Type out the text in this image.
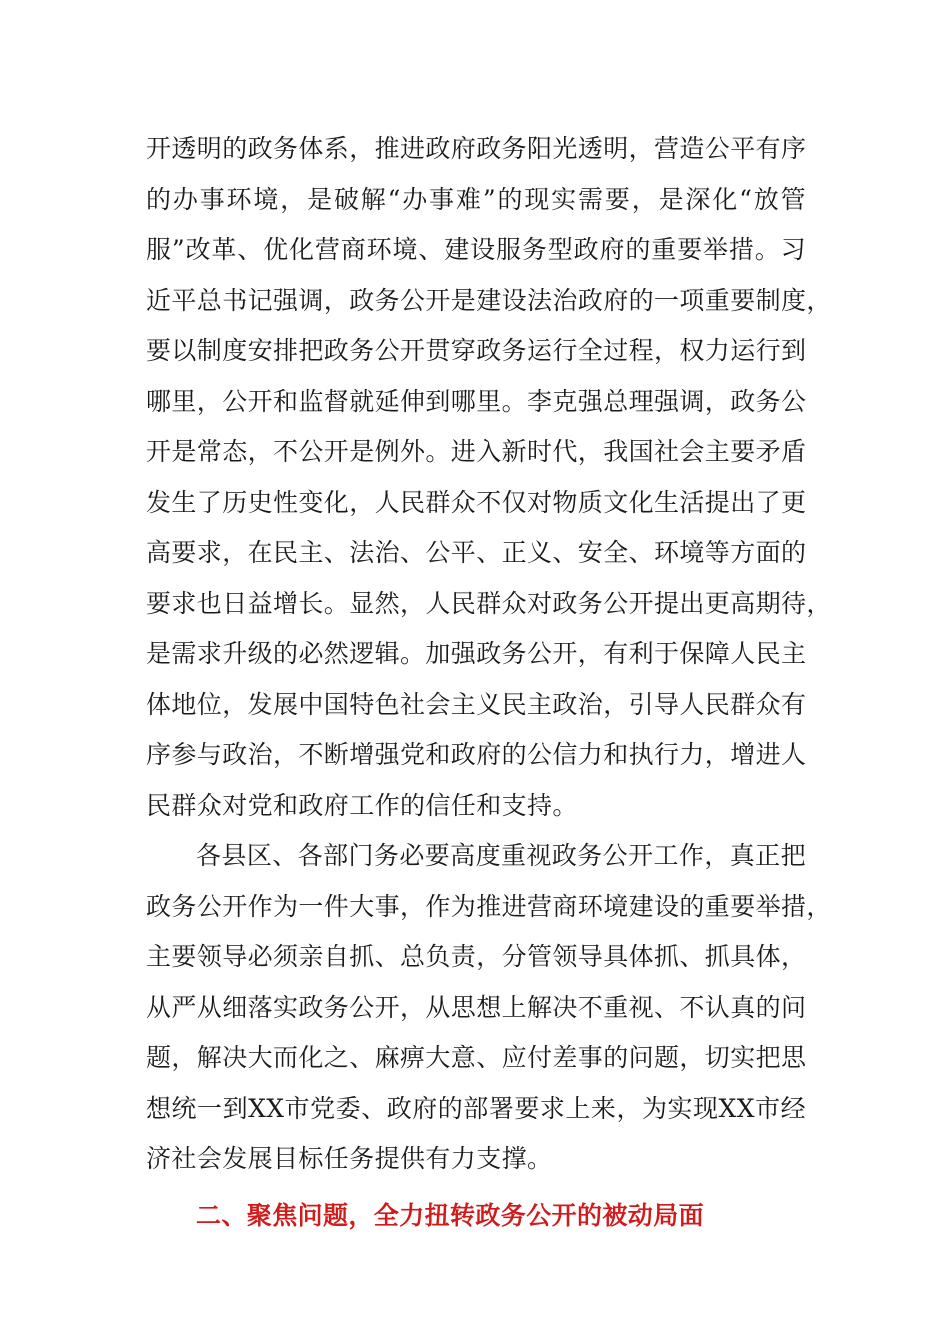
开透明的政务体系，推进政府政务阳光透明，营造公平有序
的办事环境，是破解“办事难”的现实需要，是深化“放管
服”改革、优化营商环境、建设服务型政府的重要举措。习
近平总书记强调，政务公开是建设法治政府的一项重要制度，
要以制度安排把政务公开贯穿政务运行全过程，权力运行到
哪里，公开和监督就延伸到哪里。李克强总理强调，政务公
开是常态，不公开是例外。进入新时代，我国社会主要矛盾
发生了历史性变化，人民群众不仅对物质文化生活提出了更
高要求，在民主、法治、公平、正义、安全、环境等方面的
要求也日益增长。显然，人民群众对政务公开提出更高期待，
是需求升级的必然逻辑。加强政务公开，有利于保障人民主
体地位，发展中国特色社会主义民主政治，引导人民群众有
序参与政治，不断增强党和政府的公信力和执行力，增进人
民群众对党和政府工作的信任和支持。
各县区、各部门务必要高度重视政务公开工作，真正把
政务公开作为一件大事，作为推进营商环境建设的重要举措，
主要领导必须亲自抓、总负责，分管领导具体抓、抓具体，
从严从细落实政务公开，从思想上解决不重视、不认真的问
题，解决大而化之、麻痹大意、应付差事的问题，切实把思
想统一到XX市党委、政府的部署要求上来，为实现XX市经
济社会发展目标任务提供有力支撑。
二、聚焦问题，全力扭转政务公开的被动局面
